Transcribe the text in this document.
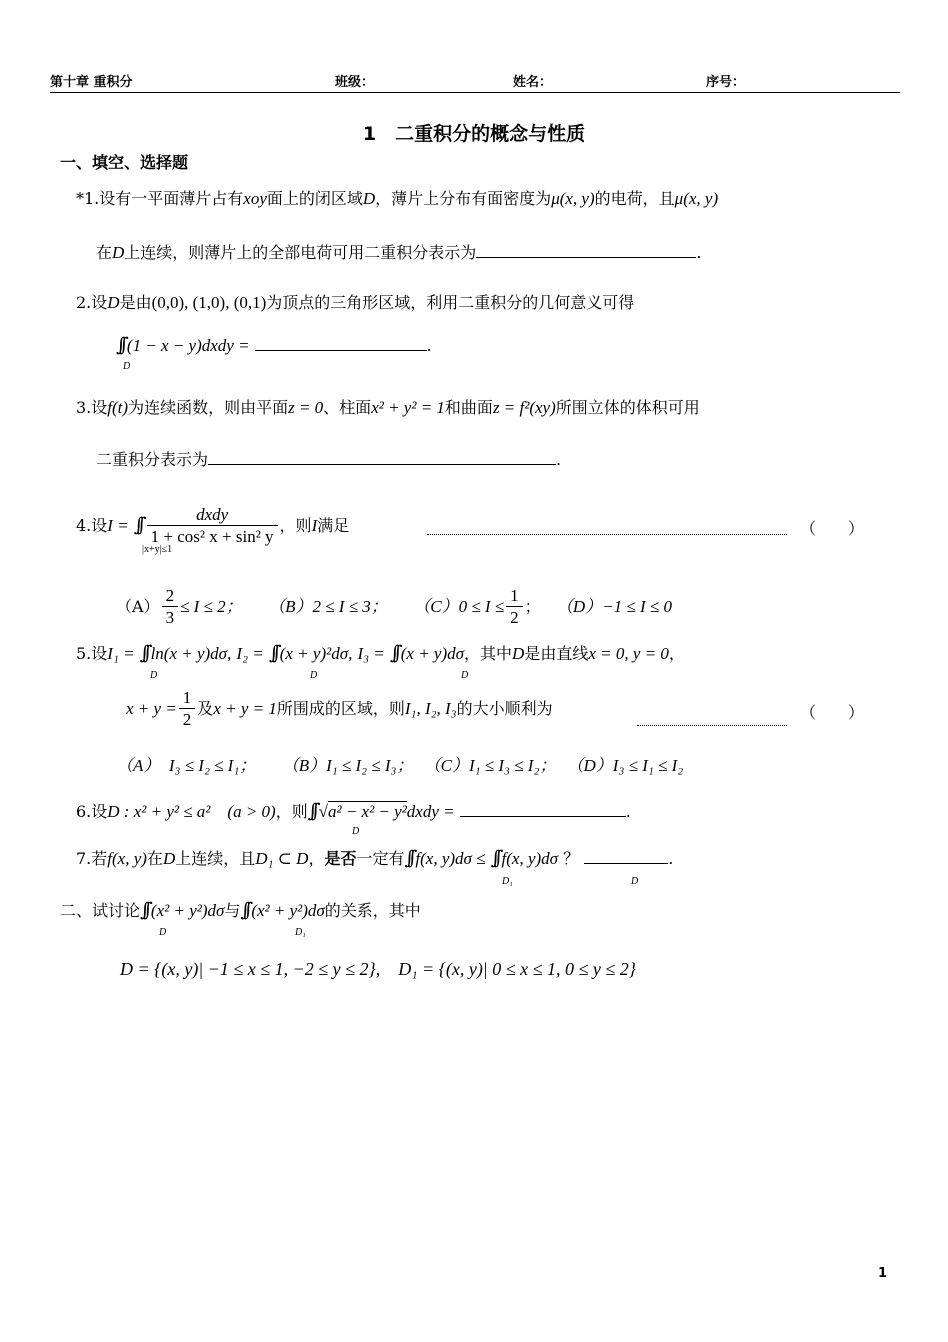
第十章 重积分	班级：	姓名：	序号：
1　二重积分的概念与性质
一、填空、选择题
*1.设有一平面薄片占有xoy面上的闭区域D，薄片上分布有面密度为μ(x, y)的电荷，且μ(x, y)
在D上连续，则薄片上的全部电荷可用二重积分表示为	.
2.设D是由(0,0), (1,0), (0,1)为顶点的三角形区域，利用二重积分的几何意义可得
∫∫ (1 − x − y)dxdy =	.
D
3.设f(t)为连续函数，则由平面z = 0、柱面x² + y² = 1和曲面z = f²(xy)所围立体的体积可用
二重积分表示为	.
4.设I = ∫∫ $\frac{\text{dxdy}}{\text{1 + cos² x + sin² y}}$ ，则I满足	（　　）
|x+y|≤1
$(A) \frac{2}{3} \le I \le 2$； （B）2 ≤ I ≤ 3； $(C)0 \le I \le \frac{1}{2}$ ； （D）−1 ≤ I ≤ 0
5.设I₁ = ∫∫ ln(x + y)dσ, I₂ = ∫∫ (x + y)²dσ, I₃ = ∫∫ (x + y)dσ，其中D是由直线x = 0, y = 0，
D	D	D
$x + y = \frac{1}{2}$ 及x + y = 1所围成的区域，则I₁, I₂, I₃的大小顺利为	（　　）
（A）　I₃ ≤ I₂ ≤ I₁； （B）I₁ ≤ I₂ ≤ I₃； （C）I₁ ≤ I₃ ≤ I₂； （D）I₃ ≤ I₁ ≤ I₂
6.设D : x² + y² ≤ a²　(a > 0)，则∫∫ √a² − x² − y²dxdy =	.
D
7.若f(x, y)在D上连续，且D₁ ⊂ D，是否一定有∫∫ f(x, y)dσ ≤ ∫∫ f(x, y)dσ ？	.
D₁	D
二、试讨论∫∫ (x² + y²)dσ与∫∫ (x² + y²)dσ的关系，其中
D	D₁
D = {(x, y)| −1 ≤ x ≤ 1, −2 ≤ y ≤ 2},　D₁ = {(x, y)| 0 ≤ x ≤ 1, 0 ≤ y ≤ 2}
1
